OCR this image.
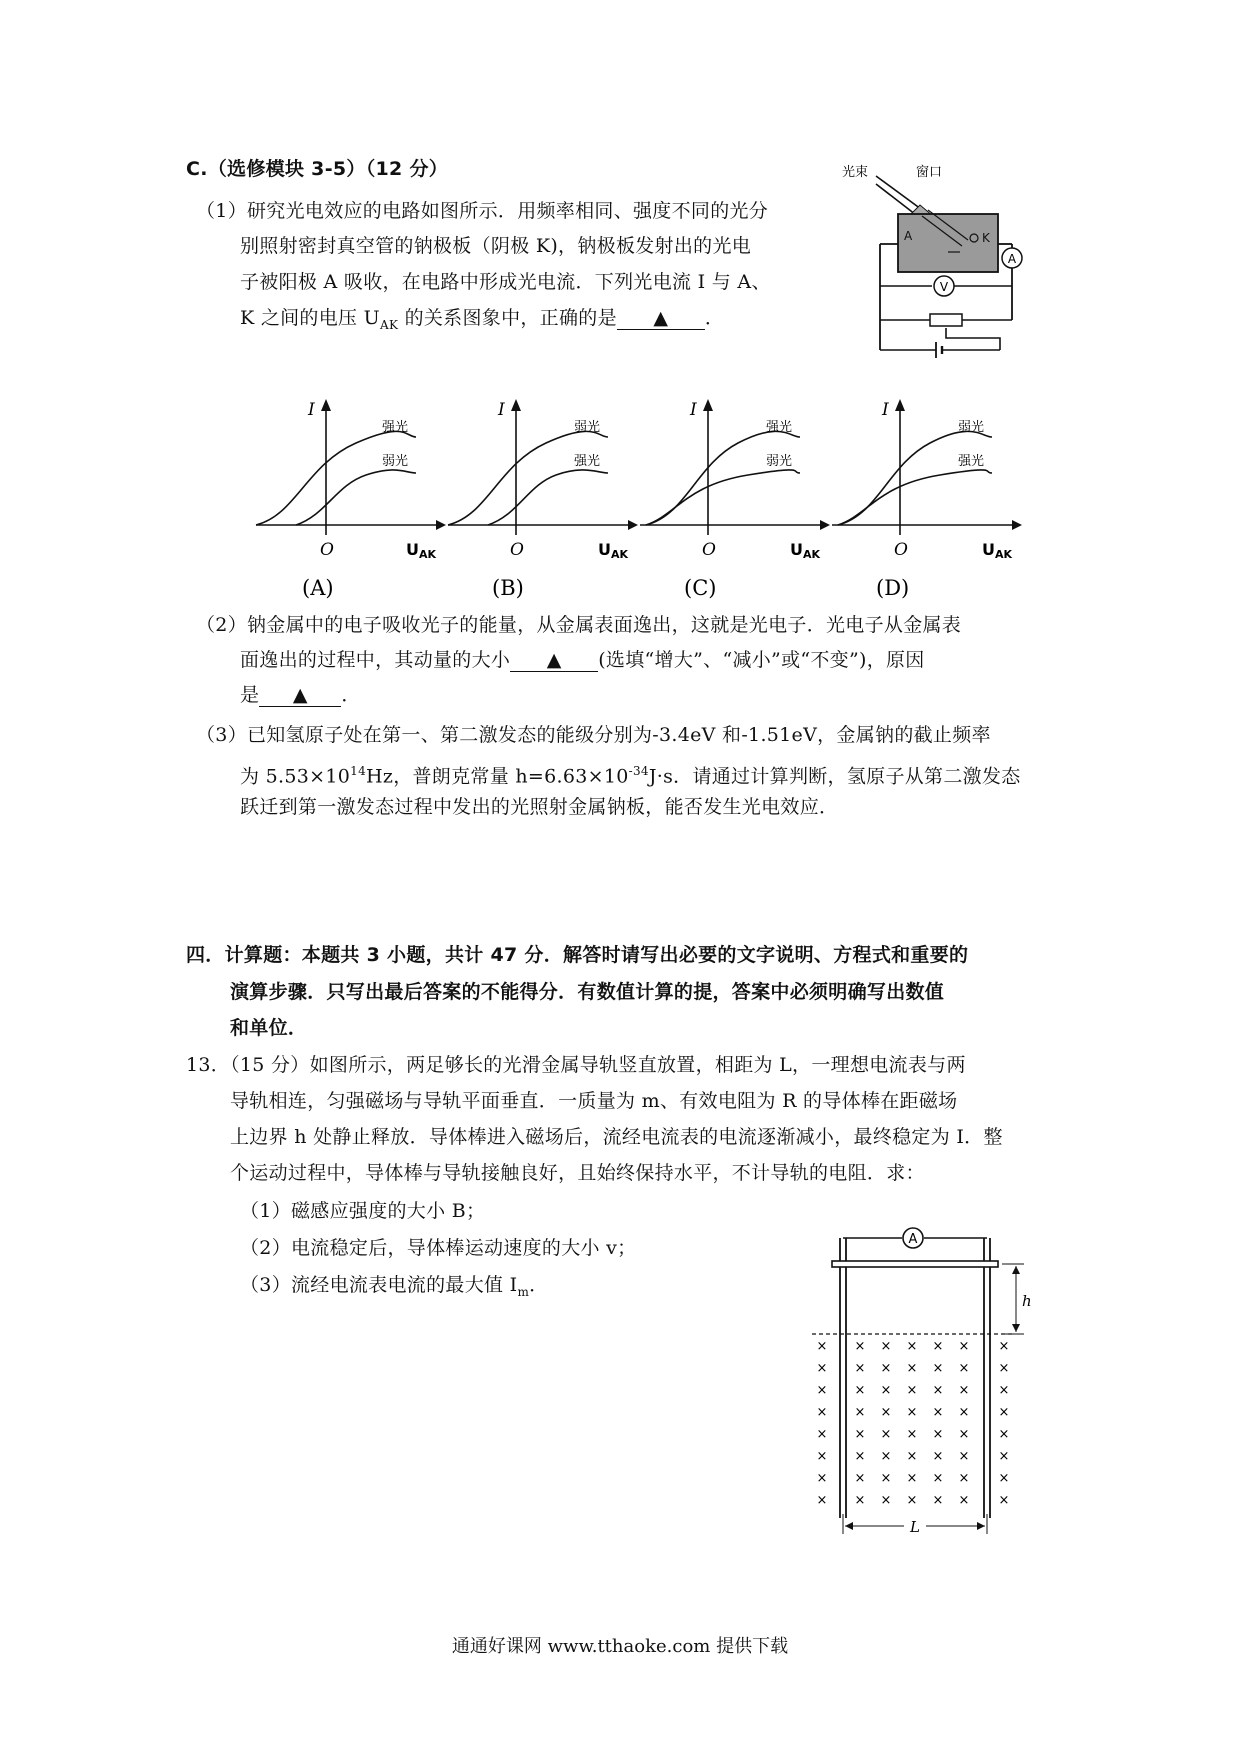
C.（选修模块 3-5）（12 分）
（1）研究光电效应的电路如图所示．用频率相同、强度不同的光分
别照射密封真空管的钠极板（阴极 K)，钠极板发射出的光电
子被阳极 A 吸收，在电路中形成光电流．下列光电流 I 与 A、
K 之间的电压 $U_{AK}$ 的关系图象中，正确的是 ▲ ．
光束	窗口
A	K
A
V
强光
弱光
I
O	U AK
(A)
弱光
强光
I
O	U AK
(B)
强光
弱光
I
O	U AK
(C)
弱光
强光
I
O	U AK
(D)
（2）钠金属中的电子吸收光子的能量，从金属表面逸出，这就是光电子．光电子从金属表
面逸出的过程中，其动量的大小 ▲ (选填“增大”、“减小”或“不变”)，原因
是 ▲ ．
（3）已知氢原子处在第一、第二激发态的能级分别为-3.4eV 和-1.51eV，金属钠的截止频率
为 $5.53\times 10^{14}Hz$，普朗克常量 $h=6.63\times 10^{-34}J\cdot s$．请通过计算判断，氢原子从第二激发态
跃迁到第一激发态过程中发出的光照射金属钠板，能否发生光电效应．
四．计算题：本题共 3 小题，共计 47 分．解答时请写出必要的文字说明、方程式和重要的
演算步骤．只写出最后答案的不能得分．有数值计算的提，答案中必须明确写出数值
和单位．
13．（15 分）如图所示，两足够长的光滑金属导轨竖直放置，相距为 L，一理想电流表与两
导轨相连，匀强磁场与导轨平面垂直．一质量为 m、有效电阻为 R 的导体棒在距磁场
上边界 h 处静止释放．导体棒进入磁场后，流经电流表的电流逐渐减小，最终稳定为 I．整
个运动过程中，导体棒与导轨接触良好，且始终保持水平，不计导轨的电阻．求：
（1）磁感应强度的大小 B；
（2）电流稳定后，导体棒运动速度的大小 v；
（3）流经电流表电流的最大值 $I_m$．
A
h
× × × × × × ×
× × × × × × ×
× × × × × × ×
× × × × × × ×
× × × × × × ×
× × × × × × ×
× × × × × × ×
× × × × × × ×
L
通通好课网 www.tthaoke.com 提供下载
